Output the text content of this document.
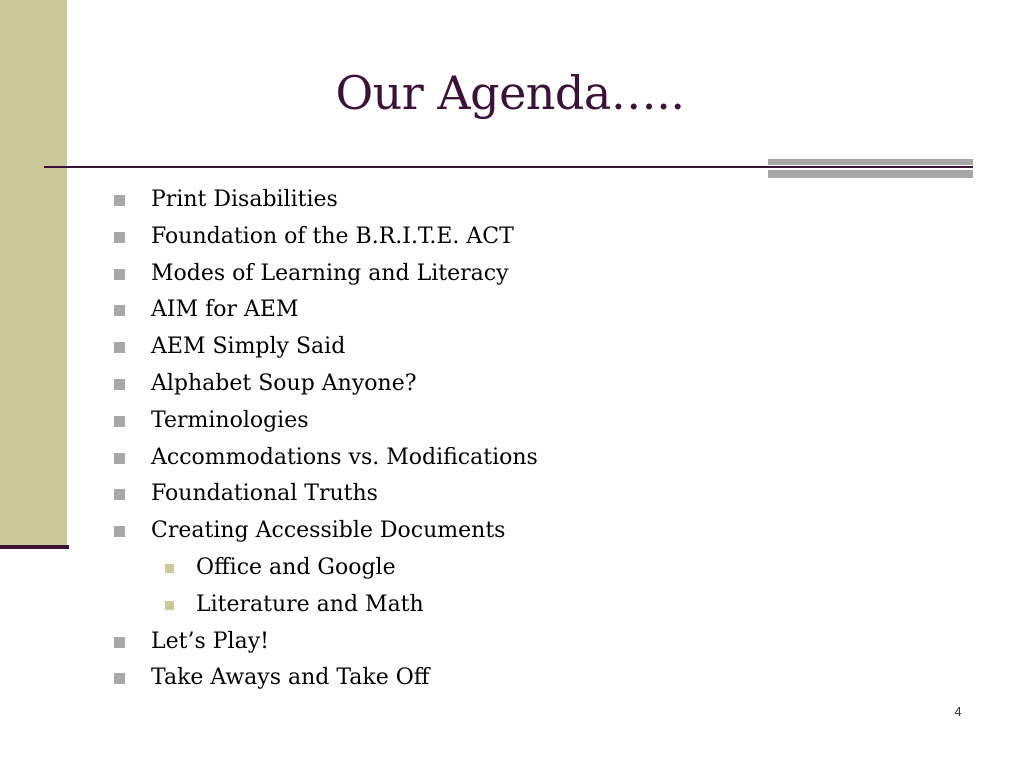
Our Agenda…..
Print Disabilities
Foundation of the B.R.I.T.E. ACT
Modes of Learning and Literacy
AIM for AEM
AEM Simply Said
Alphabet Soup Anyone?
Terminologies
Accommodations vs. Modifications
Foundational Truths
Creating Accessible Documents
Office and Google
Literature and Math
Let’s Play!
Take Aways and Take Off
4
